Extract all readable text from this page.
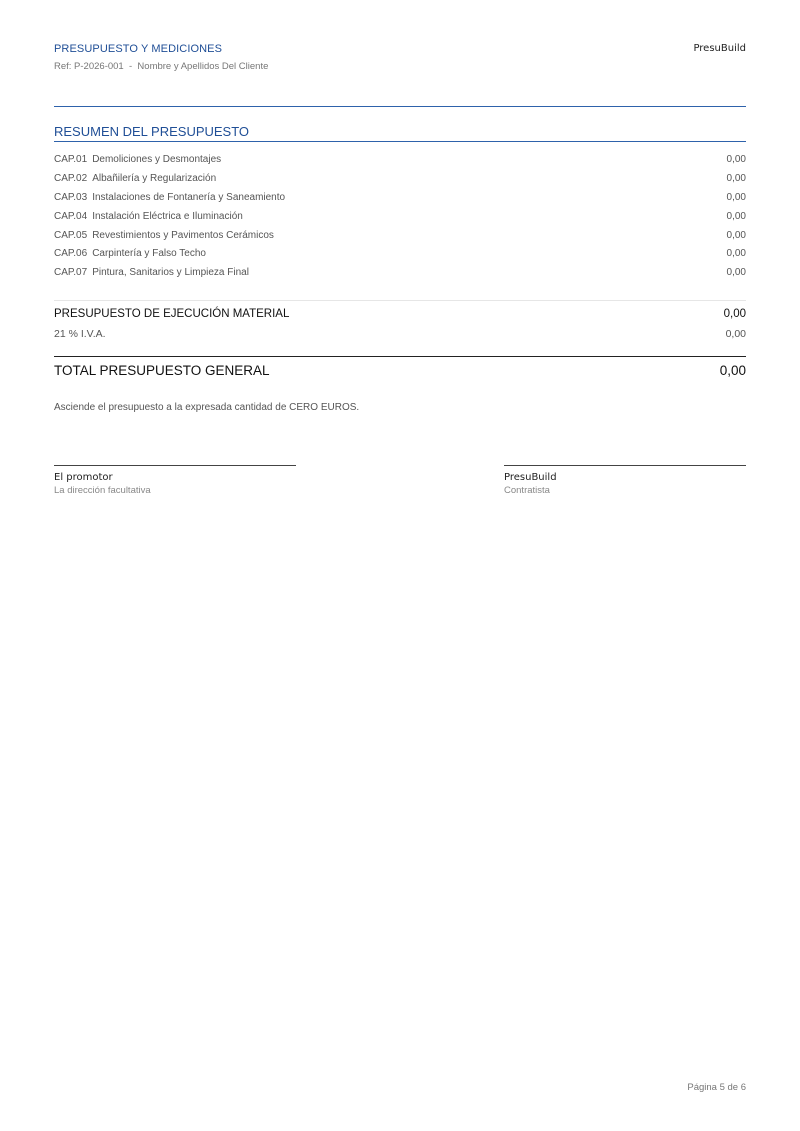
PRESUPUESTO Y MEDICIONES	PresuBuild
Ref: P-2026-001  -  Nombre y Apellidos Del Cliente
RESUMEN DEL PRESUPUESTO
CAP.01 Demoliciones y Desmontajes	0,00
CAP.02 Albañilería y Regularización	0,00
CAP.03 Instalaciones de Fontanería y Saneamiento	0,00
CAP.04 Instalación Eléctrica e Iluminación	0,00
CAP.05 Revestimientos y Pavimentos Cerámicos	0,00
CAP.06 Carpintería y Falso Techo	0,00
CAP.07 Pintura, Sanitarios y Limpieza Final	0,00
PRESUPUESTO DE EJECUCIÓN MATERIAL	0,00
21 % I.V.A.	0,00
TOTAL PRESUPUESTO GENERAL	0,00
Asciende el presupuesto a la expresada cantidad de CERO EUROS.
El promotor
La dirección facultativa
PresuBuild
Contratista
Página 5 de 6
